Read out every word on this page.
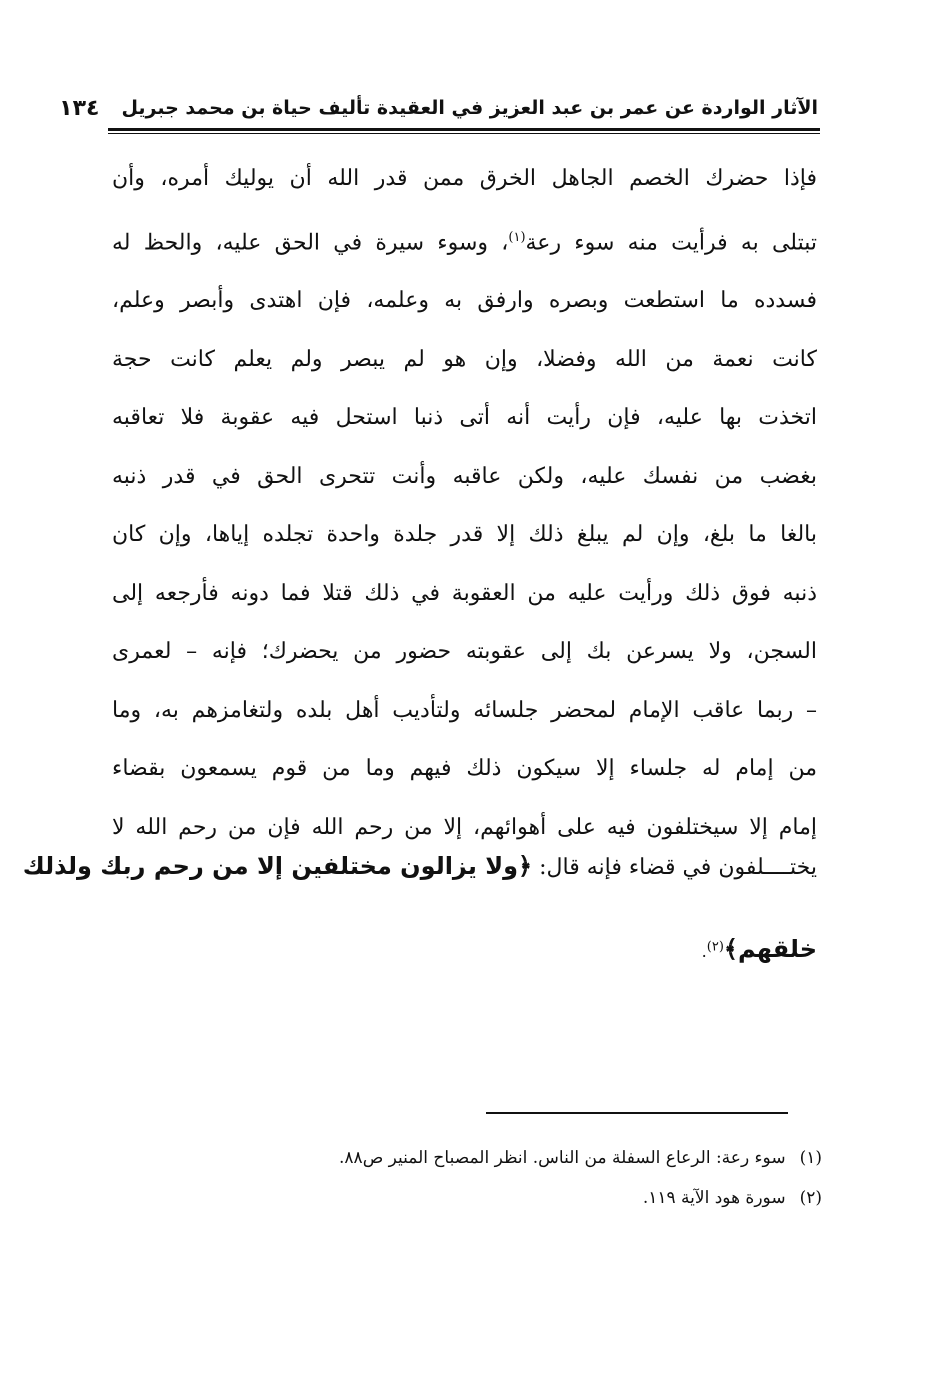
الآثار الواردة عن عمر بن عبد العزيز في العقيدة تأليف حياة بن محمد جبريل
١٣٤
فإذا حضرك الخصم الجاهل الخرق ممن قدر الله أن يوليك أمره، وأن
تبتلى به فرأيت منه سوء رعة$^{(١)}$، وسوء سيرة في الحق عليه، والحظ له
فسدده ما استطعت وبصره وارفق به وعلمه، فإن اهتدى وأبصر وعلم،
كانت نعمة من الله وفضلا، وإن هو لم يبصر ولم يعلم كانت حجة
اتخذت بها عليه، فإن رأيت أنه أتى ذنبا استحل فيه عقوبة فلا تعاقبه
بغضب من نفسك عليه، ولكن عاقبه وأنت تتحرى الحق في قدر ذنبه
بالغا ما بلغ، وإن لم يبلغ ذلك إلا قدر جلدة واحدة تجلده إياها، وإن كان
ذنبه فوق ذلك ورأيت عليه من العقوبة في ذلك قتلا فما دونه فأرجعه إلى
السجن، ولا يسرعن بك إلى عقوبته حضور من يحضرك؛ فإنه – لعمرى
– ربما عاقب الإمام لمحضر جلسائه ولتأديب أهل بلده ولتغامزهم به، وما
من إمام له جلساء إلا سيكون ذلك فيهم وما من قوم يسمعون بقضاء
إمام إلا سيختلفون فيه على أهوائهم، إلا من رحم الله فإن من رحم الله لا
يختــــلفون في قضاء فإنه قال: ﴿ولا يزالون مختلفين إلا من رحم ربك ولذلك
خلقهم﴾$^{(٢)}$.
(١)سوء رعة: الرعاع السفلة من الناس. انظر المصباح المنير ص٨٨.
(٢)سورة هود الآية ١١٩.
